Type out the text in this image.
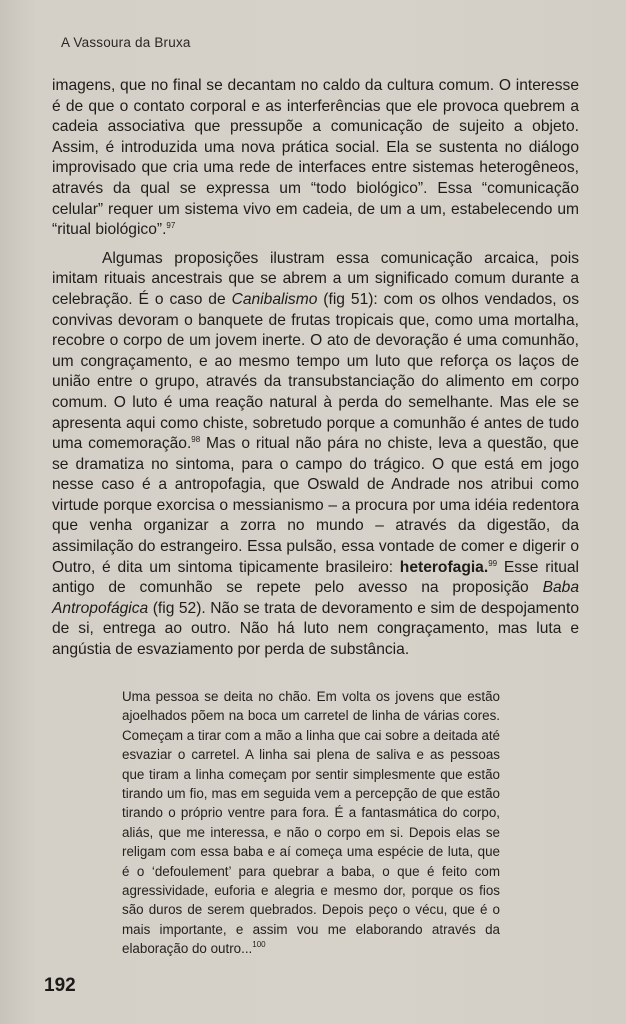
A Vassoura da Bruxa

imagens, que no final se decantam no caldo da cultura comum. O interesse é de que o contato corporal e as interferências que ele provoca quebrem a cadeia associativa que pressupõe a comunicação de sujeito a objeto. Assim, é introduzida uma nova prática social. Ela se sustenta no diálogo improvisado que cria uma rede de interfaces entre sistemas heterogêneos, através da qual se expressa um “todo biológico”. Essa “comunicação celular” requer um sistema vivo em cadeia, de um a um, estabelecendo um “ritual biológico”.$^{97}$

Algumas proposições ilustram essa comunicação arcaica, pois imitam rituais ancestrais que se abrem a um significado comum durante a celebração. É o caso de Canibalismo (fig 51): com os olhos vendados, os convivas devoram o banquete de frutas tropicais que, como uma mortalha, recobre o corpo de um jovem inerte. O ato de devoração é uma comunhão, um congraçamento, e ao mesmo tempo um luto que reforça os laços de união entre o grupo, através da transubstanciação do alimento em corpo comum. O luto é uma reação natural à perda do semelhante. Mas ele se apresenta aqui como chiste, sobretudo porque a comunhão é antes de tudo uma comemoração.$^{98}$ Mas o ritual não pára no chiste, leva a questão, que se dramatiza no sintoma, para o campo do trágico. O que está em jogo nesse caso é a antropofagia, que Oswald de Andrade nos atribui como virtude porque exorcisa o messianismo – a procura por uma idéia redentora que venha organizar a zorra no mundo – através da digestão, da assimilação do estrangeiro. Essa pulsão, essa vontade de comer e digerir o Outro, é dita um sintoma tipicamente brasileiro: heterofagia.$^{99}$ Esse ritual antigo de comunhão se repete pelo avesso na proposição Baba Antropofágica (fig 52). Não se trata de devoramento e sim de despojamento de si, entrega ao outro. Não há luto nem congraçamento, mas luta e angústia de esvaziamento por perda de substância.

Uma pessoa se deita no chão. Em volta os jovens que estão ajoelhados põem na boca um carretel de linha de várias cores. Começam a tirar com a mão a linha que cai sobre a deitada até esvaziar o carretel. A linha sai plena de saliva e as pessoas que tiram a linha começam por sentir simplesmente que estão tirando um fio, mas em seguida vem a percepção de que estão tirando o próprio ventre para fora. É a fantasmática do corpo, aliás, que me interessa, e não o corpo em si. Depois elas se religam com essa baba e aí começa uma espécie de luta, que é o ‘defoulement’ para quebrar a baba, o que é feito com agressividade, euforia e alegria e mesmo dor, porque os fios são duros de serem quebrados. Depois peço o vécu, que é o mais importante, e assim vou me elaborando através da elaboração do outro...$^{100}$

192
